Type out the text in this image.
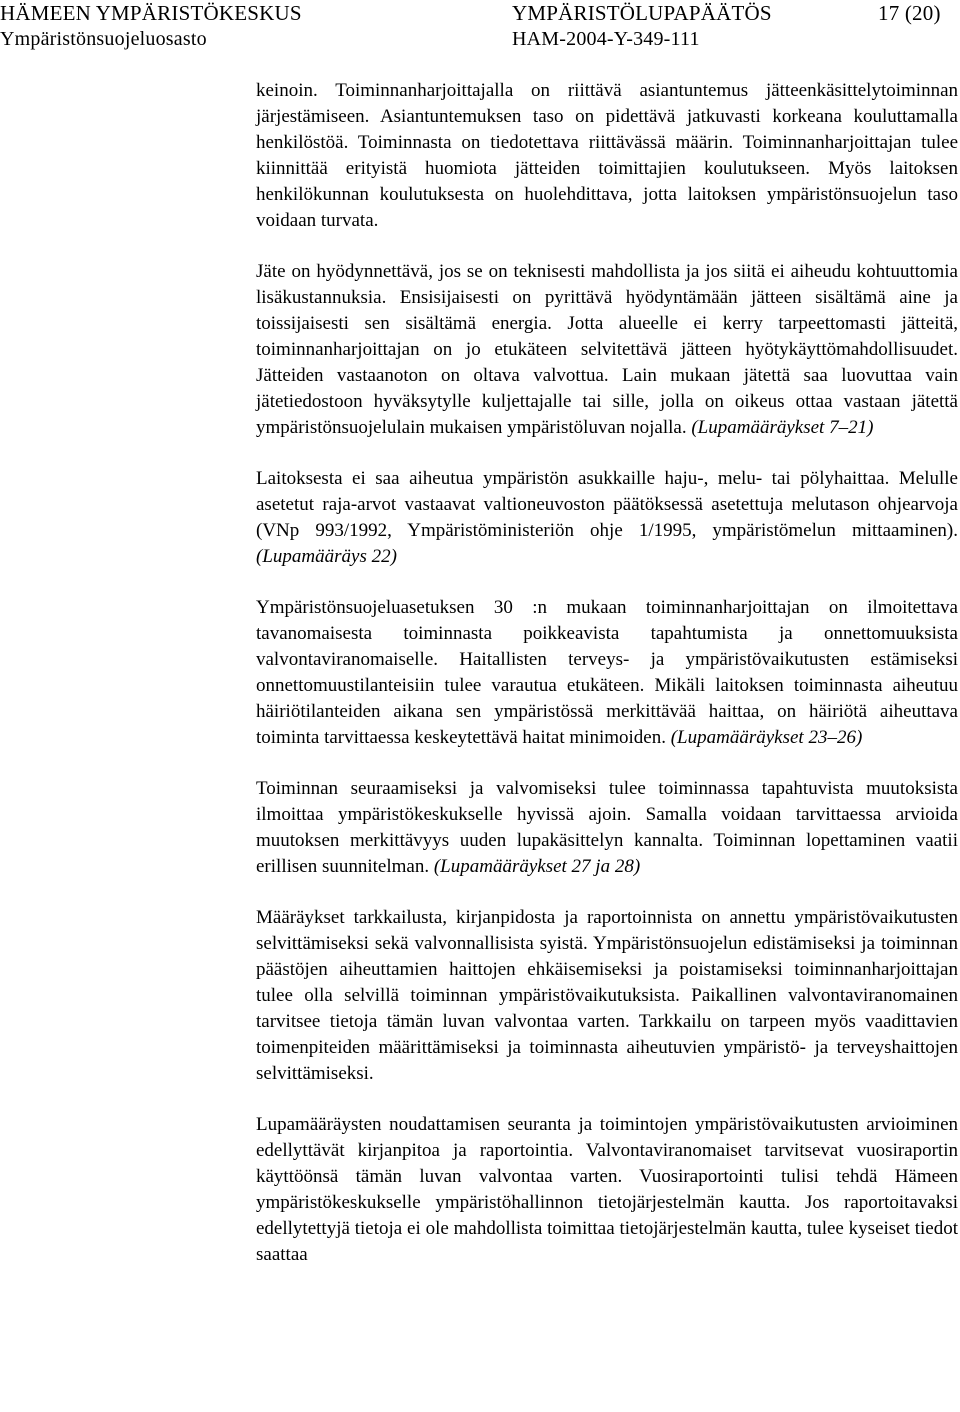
HÄMEEN YMPÄRISTÖKESKUS
Ympäristönsuojeluosasto
YMPÄRISTÖLUPAPÄÄTÖS
HAM-2004-Y-349-111
17 (20)

keinoin. Toiminnanharjoittajalla on riittävä asiantuntemus jätteenkäsittelytoiminnan järjestämiseen. Asiantuntemuksen taso on pidettävä jatkuvasti korkeana kouluttamalla henkilöstöä. Toiminnasta on tiedotettava riittävässä määrin. Toiminnanharjoittajan tulee kiinnittää erityistä huomiota jätteiden toimittajien koulutukseen. Myös laitoksen henkilökunnan koulutuksesta on huolehdittava, jotta laitoksen ympäristönsuojelun taso voidaan turvata.

Jäte on hyödynnettävä, jos se on teknisesti mahdollista ja jos siitä ei aiheudu kohtuuttomia lisäkustannuksia. Ensisijaisesti on pyrittävä hyödyntämään jätteen sisältämä aine ja toissijaisesti sen sisältämä energia. Jotta alueelle ei kerry tarpeettomasti jätteitä, toiminnanharjoittajan on jo etukäteen selvitettävä jätteen hyötykäyttömahdollisuudet. Jätteiden vastaanoton on oltava valvottua. Lain mukaan jätettä saa luovuttaa vain jätetiedostoon hyväksytylle kuljettajalle tai sille, jolla on oikeus ottaa vastaan jätettä ympäristönsuojelulain mukaisen ympäristöluvan nojalla. (Lupamääräykset 7–21)

Laitoksesta ei saa aiheutua ympäristön asukkaille haju-, melu- tai pölyhaittaa. Melulle asetetut raja-arvot vastaavat valtioneuvoston päätöksessä asetettuja melutason ohjearvoja (VNp 993/1992, Ympäristöministeriön ohje 1/1995, ympäristömelun mittaaminen). (Lupamääräys 22)

Ympäristönsuojeluasetuksen 30 :n mukaan toiminnanharjoittajan on ilmoitettava tavanomaisesta toiminnasta poikkeavista tapahtumista ja onnettomuuksista valvontaviranomaiselle. Haitallisten terveys- ja ympäristövaikutusten estämiseksi onnettomuustilanteisiin tulee varautua etukäteen. Mikäli laitoksen toiminnasta aiheutuu häiriötilanteiden aikana sen ympäristössä merkittävää haittaa, on häiriötä aiheuttava toiminta tarvittaessa keskeytettävä haitat minimoiden. (Lupamääräykset 23–26)

Toiminnan seuraamiseksi ja valvomiseksi tulee toiminnassa tapahtuvista muutoksista ilmoittaa ympäristökeskukselle hyvissä ajoin. Samalla voidaan tarvittaessa arvioida muutoksen merkittävyys uuden lupakäsittelyn kannalta. Toiminnan lopettaminen vaatii erillisen suunnitelman. (Lupamääräykset 27 ja 28)

Määräykset tarkkailusta, kirjanpidosta ja raportoinnista on annettu ympäristövaikutusten selvittämiseksi sekä valvonnallisista syistä. Ympäristönsuojelun edistämiseksi ja toiminnan päästöjen aiheuttamien haittojen ehkäisemiseksi ja poistamiseksi toiminnanharjoittajan tulee olla selvillä toiminnan ympäristövaikutuksista. Paikallinen valvontaviranomainen tarvitsee tietoja tämän luvan valvontaa varten. Tarkkailu on tarpeen myös vaadittavien toimenpiteiden määrittämiseksi ja toiminnasta aiheutuvien ympäristö- ja terveyshaittojen selvittämiseksi.

Lupamääräysten noudattamisen seuranta ja toimintojen ympäristövaikutusten arvioiminen edellyttävät kirjanpitoa ja raportointia. Valvontaviranomaiset tarvitsevat vuosiraportin käyttöönsä tämän luvan valvontaa varten. Vuosiraportointi tulisi tehdä Hämeen ympäristökeskukselle ympäristöhallinnon tietojärjestelmän kautta. Jos raportoitavaksi edellytettyjä tietoja ei ole mahdollista toimittaa tietojärjestelmän kautta, tulee kyseiset tiedot saattaa
